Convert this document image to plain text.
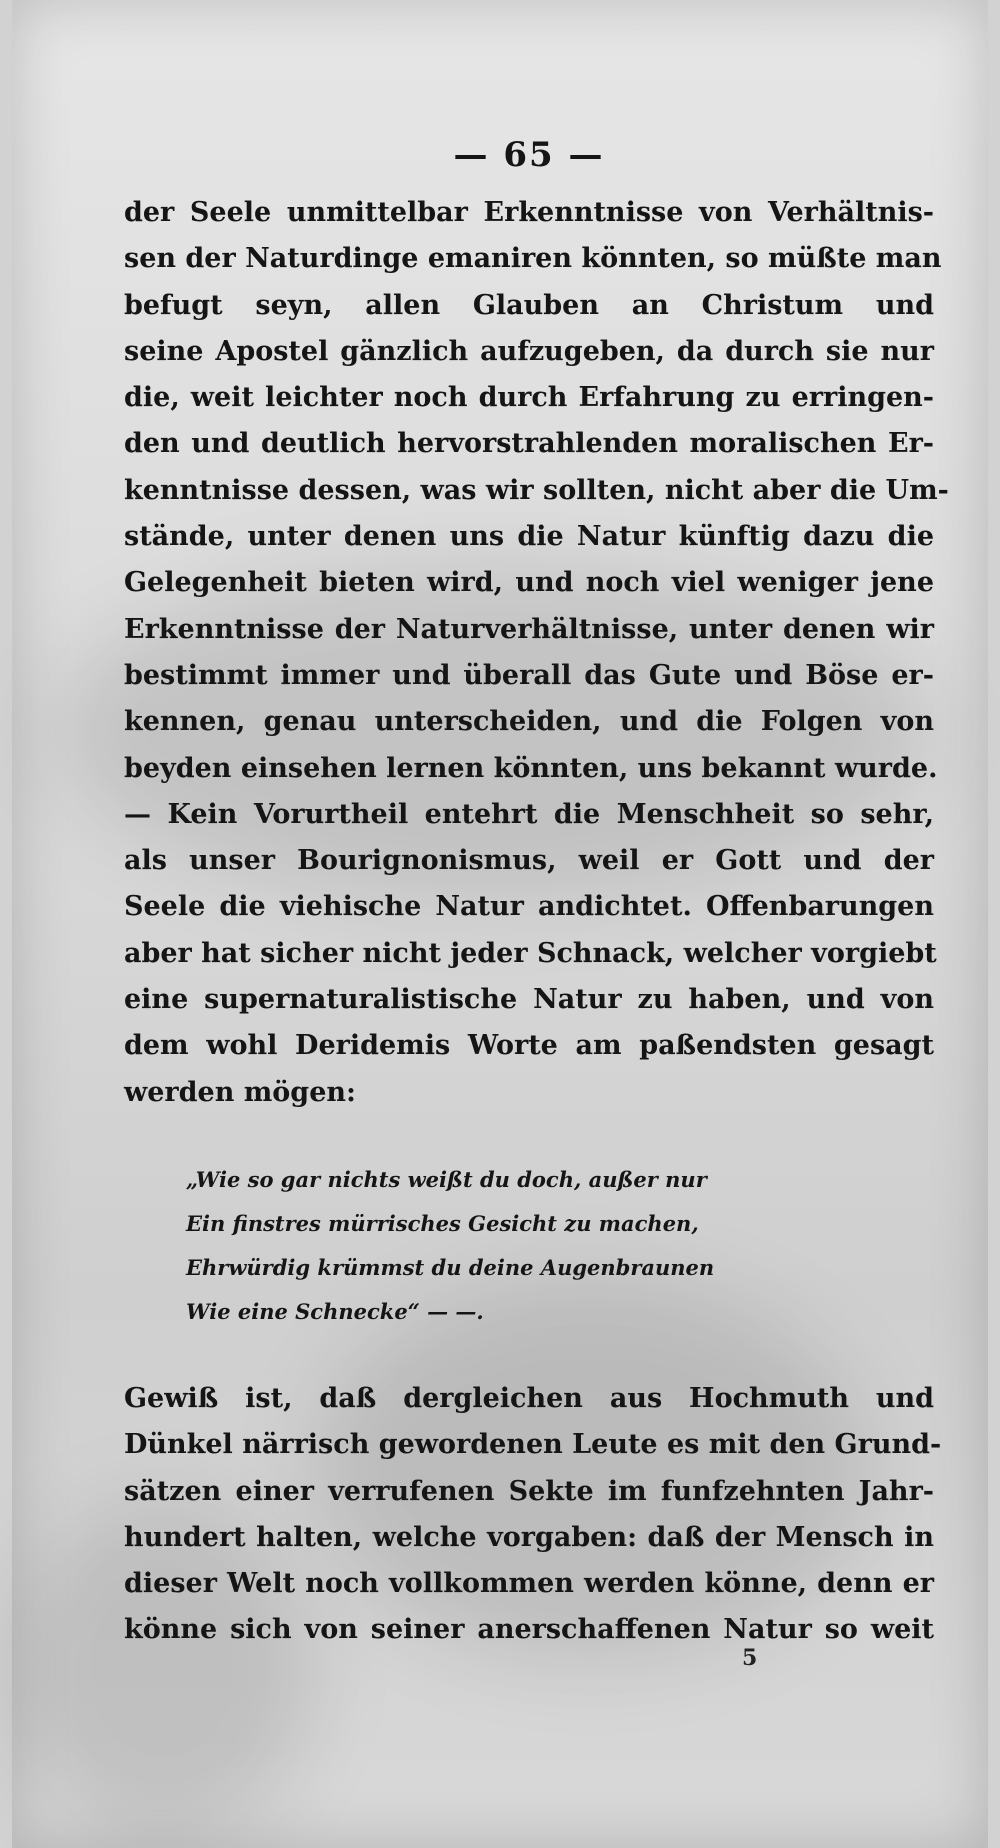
— 65 —
der Seele unmittelbar Erkenntnisse von Verhältnis-
sen der Naturdinge emaniren könnten, so müßte man
befugt seyn, allen Glauben an Christum und
seine Apostel gänzlich aufzugeben, da durch sie nur
die, weit leichter noch durch Erfahrung zu erringen-
den und deutlich hervorstrahlenden moralischen Er-
kenntnisse dessen, was wir sollten, nicht aber die Um-
stände, unter denen uns die Natur künftig dazu die
Gelegenheit bieten wird, und noch viel weniger jene
Erkenntnisse der Naturverhältnisse, unter denen wir
bestimmt immer und überall das Gute und Böse er-
kennen, genau unterscheiden, und die Folgen von
beyden einsehen lernen könnten, uns bekannt wurde.
— Kein Vorurtheil entehrt die Menschheit so sehr,
als unser Bourignonismus, weil er Gott und der
Seele die viehische Natur andichtet. Offenbarungen
aber hat sicher nicht jeder Schnack, welcher vorgiebt
eine supernaturalistische Natur zu haben, und von
dem wohl Deridemis Worte am paßendsten gesagt
werden mögen:
„Wie so gar nichts weißt du doch, außer nur
Ein finstres mürrisches Gesicht zu machen,
Ehrwürdig krümmst du deine Augenbraunen
Wie eine Schnecke“ — —.
Gewiß ist, daß dergleichen aus Hochmuth und
Dünkel närrisch gewordenen Leute es mit den Grund-
sätzen einer verrufenen Sekte im funfzehnten Jahr-
hundert halten, welche vorgaben: daß der Mensch in
dieser Welt noch vollkommen werden könne, denn er
könne sich von seiner anerschaffenen Natur so weit
5
